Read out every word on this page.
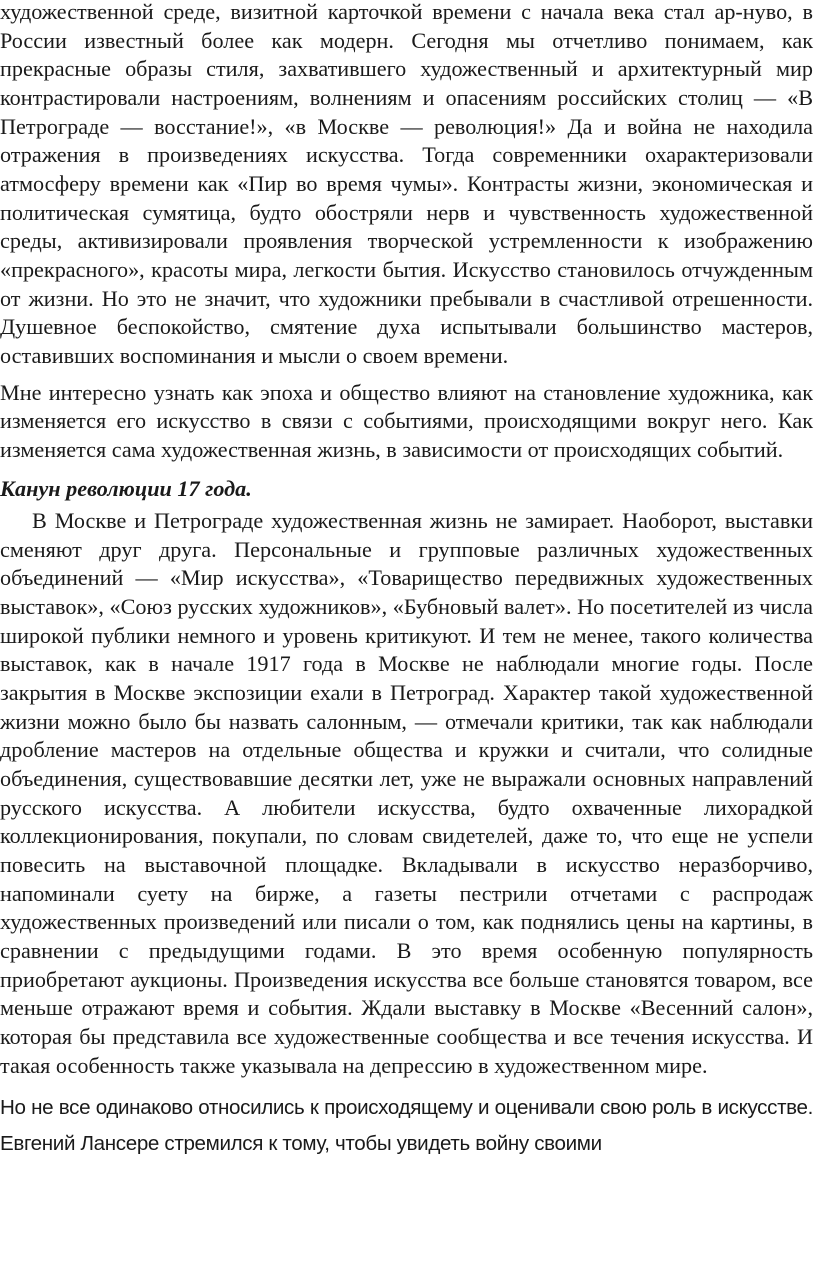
художественной среде, визитной карточкой времени с начала века стал ар-нуво, в России известный более как модерн. Сегодня мы отчетливо понимаем, как прекрасные образы стиля, захватившего художественный и архитектурный мир контрастировали настроениям, волнениям и опасениям российских столиц — «В Петрограде — восстание!», «в Москве — революция!» Да и война не находила отражения в произведениях искусства. Тогда современники охарактеризовали атмосферу времени как «Пир во время чумы». Контрасты жизни, экономическая и политическая сумятица, будто обостряли нерв и чувственность художественной среды, активизировали проявления творческой устремленности к изображению «прекрасного», красоты мира, легкости бытия. Искусство становилось отчужденным от жизни. Но это не значит, что художники пребывали в счастливой отрешенности. Душевное беспокойство, смятение духа испытывали большинство мастеров, оставивших воспоминания и мысли о своем времени.

Мне интересно узнать как эпоха и общество влияют на становление художника, как изменяется его искусство в связи с событиями, происходящими вокруг него. Как изменяется сама художественная жизнь, в зависимости от происходящих событий.

Канун революции 17 года.

В Москве и Петрограде художественная жизнь не замирает. Наоборот, выставки сменяют друг друга. Персональные и групповые различных художественных объединений — «Мир искусства», «Товарищество передвижных художественных выставок», «Союз русских художников», «Бубновый валет». Но посетителей из числа широкой публики немного и уровень критикуют. И тем не менее, такого количества выставок, как в начале 1917 года в Москве не наблюдали многие годы. После закрытия в Москве экспозиции ехали в Петроград. Характер такой художественной жизни можно было бы назвать салонным, — отмечали критики, так как наблюдали дробление мастеров на отдельные общества и кружки и считали, что солидные объединения, существовавшие десятки лет, уже не выражали основных направлений русского искусства. А любители искусства, будто охваченные лихорадкой коллекционирования, покупали, по словам свидетелей, даже то, что еще не успели повесить на выставочной площадке. Вкладывали в искусство неразборчиво, напоминали суету на бирже, а газеты пестрили отчетами с распродаж художественных произведений или писали о том, как поднялись цены на картины, в сравнении с предыдущими годами. В это время особенную популярность приобретают аукционы. Произведения искусства все больше становятся товаром, все меньше отражают время и события. Ждали выставку в Москве «Весенний салон», которая бы представила все художественные сообщества и все течения искусства. И такая особенность также указывала на депрессию в художественном мире.

Но не все одинаково относились к происходящему и оценивали свою роль в искусстве. Евгений Лансере стремился к тому, чтобы увидеть войну своими
